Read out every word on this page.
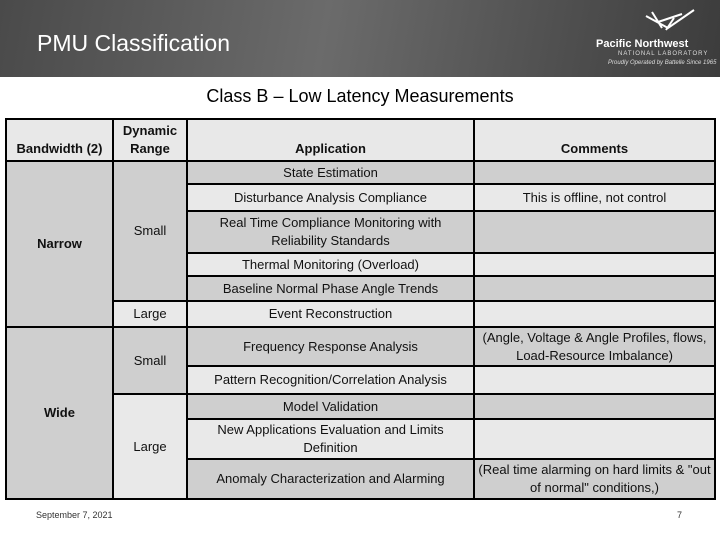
PMU Classification	Pacific Northwest
NATIONAL LABORATORY
Proudly Operated by Battelle Since 1965
Class B – Low Latency Measurements
Bandwidth (2)	Dynamic Range	Application	Comments
Narrow	Small	State Estimation	
		Disturbance Analysis Compliance	This is offline, not control
		Real Time Compliance Monitoring with Reliability Standards	
		Thermal Monitoring (Overload)	
		Baseline Normal Phase Angle Trends	
	Large	Event Reconstruction	
Wide	Small	Frequency Response Analysis	(Angle, Voltage & Angle Profiles, flows, Load-Resource Imbalance)
		Pattern Recognition/Correlation Analysis	
	Large	Model Validation	
		New Applications Evaluation and Limits Definition	
		Anomaly Characterization and Alarming	(Real time alarming on hard limits & "out of normal" conditions,)
September 7, 2021	7
